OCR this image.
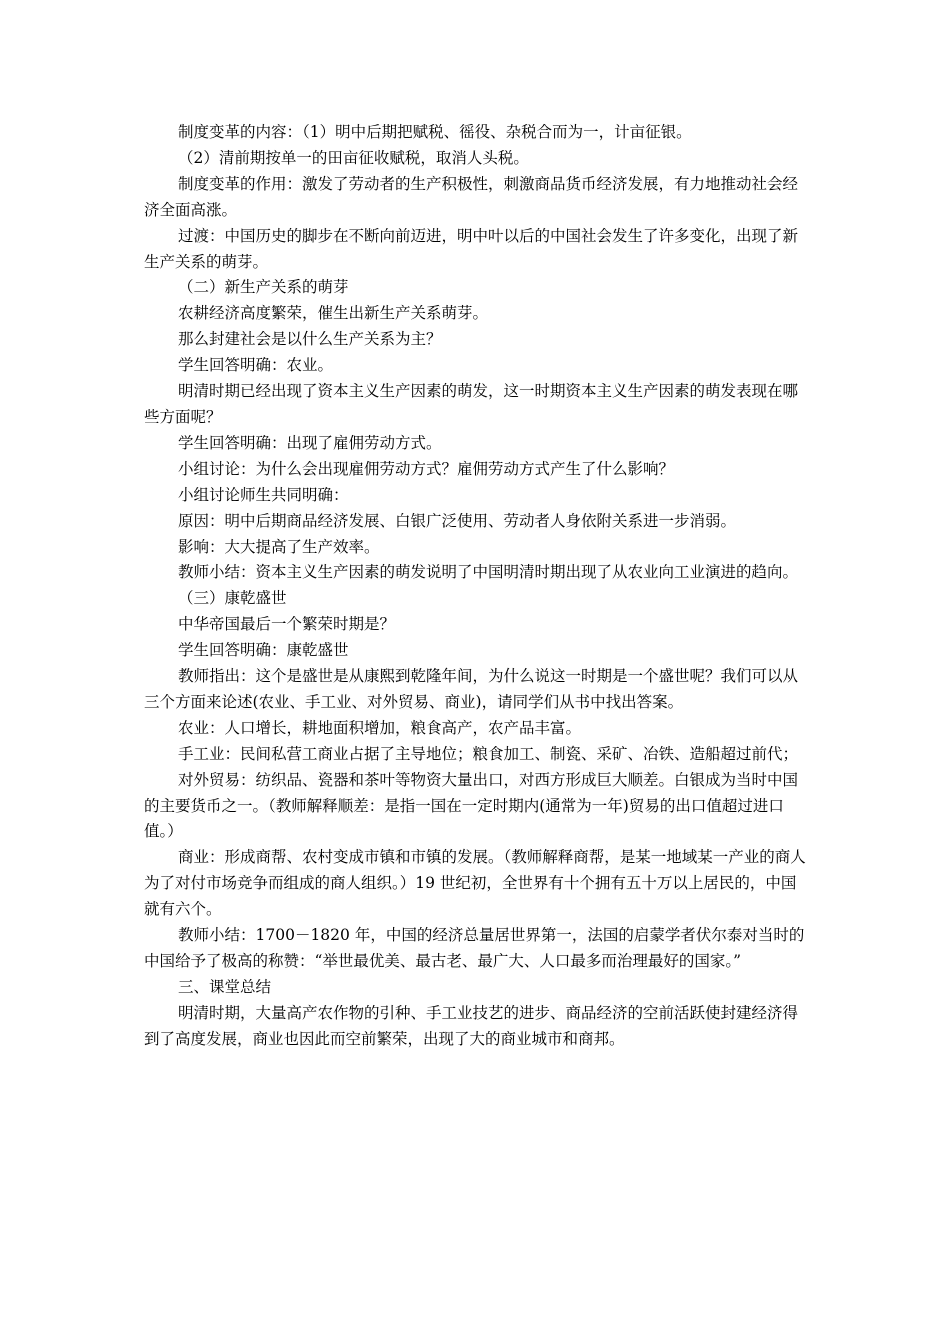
制度变革的内容：（1）明中后期把赋税、徭役、杂税合而为一，计亩征银。

（2）清前期按单一的田亩征收赋税，取消人头税。

制度变革的作用：激发了劳动者的生产积极性，刺激商品货币经济发展，有力地推动社会经济全面高涨。

过渡：中国历史的脚步在不断向前迈进，明中叶以后的中国社会发生了许多变化，出现了新生产关系的萌芽。

（二）新生产关系的萌芽

农耕经济高度繁荣，催生出新生产关系萌芽。

那么封建社会是以什么生产关系为主？

学生回答明确：农业。

明清时期已经出现了资本主义生产因素的萌发，这一时期资本主义生产因素的萌发表现在哪些方面呢？

学生回答明确：出现了雇佣劳动方式。

小组讨论：为什么会出现雇佣劳动方式？雇佣劳动方式产生了什么影响？

小组讨论师生共同明确：

原因：明中后期商品经济发展、白银广泛使用、劳动者人身依附关系进一步消弱。

影响：大大提高了生产效率。

教师小结：资本主义生产因素的萌发说明了中国明清时期出现了从农业向工业演进的趋向。

（三）康乾盛世

中华帝国最后一个繁荣时期是？

学生回答明确：康乾盛世

教师指出：这个是盛世是从康熙到乾隆年间，为什么说这一时期是一个盛世呢？我们可以从三个方面来论述(农业、手工业、对外贸易、商业)，请同学们从书中找出答案。

农业：人口增长，耕地面积增加，粮食高产，农产品丰富。

手工业：民间私营工商业占据了主导地位；粮食加工、制瓷、采矿、冶铁、造船超过前代；

对外贸易：纺织品、瓷器和茶叶等物资大量出口，对西方形成巨大顺差。白银成为当时中国的主要货币之一。（教师解释顺差：是指一国在一定时期内(通常为一年)贸易的出口值超过进口值。）

商业：形成商帮、农村变成市镇和市镇的发展。（教师解释商帮，是某一地域某一产业的商人为了对付市场竞争而组成的商人组织。）19 世纪初，全世界有十个拥有五十万以上居民的，中国就有六个。

教师小结：1700－1820 年，中国的经济总量居世界第一，法国的启蒙学者伏尔泰对当时的中国给予了极高的称赞：“举世最优美、最古老、最广大、人口最多而治理最好的国家。”

三、课堂总结

明清时期，大量高产农作物的引种、手工业技艺的进步、商品经济的空前活跃使封建经济得到了高度发展，商业也因此而空前繁荣，出现了大的商业城市和商邦。
